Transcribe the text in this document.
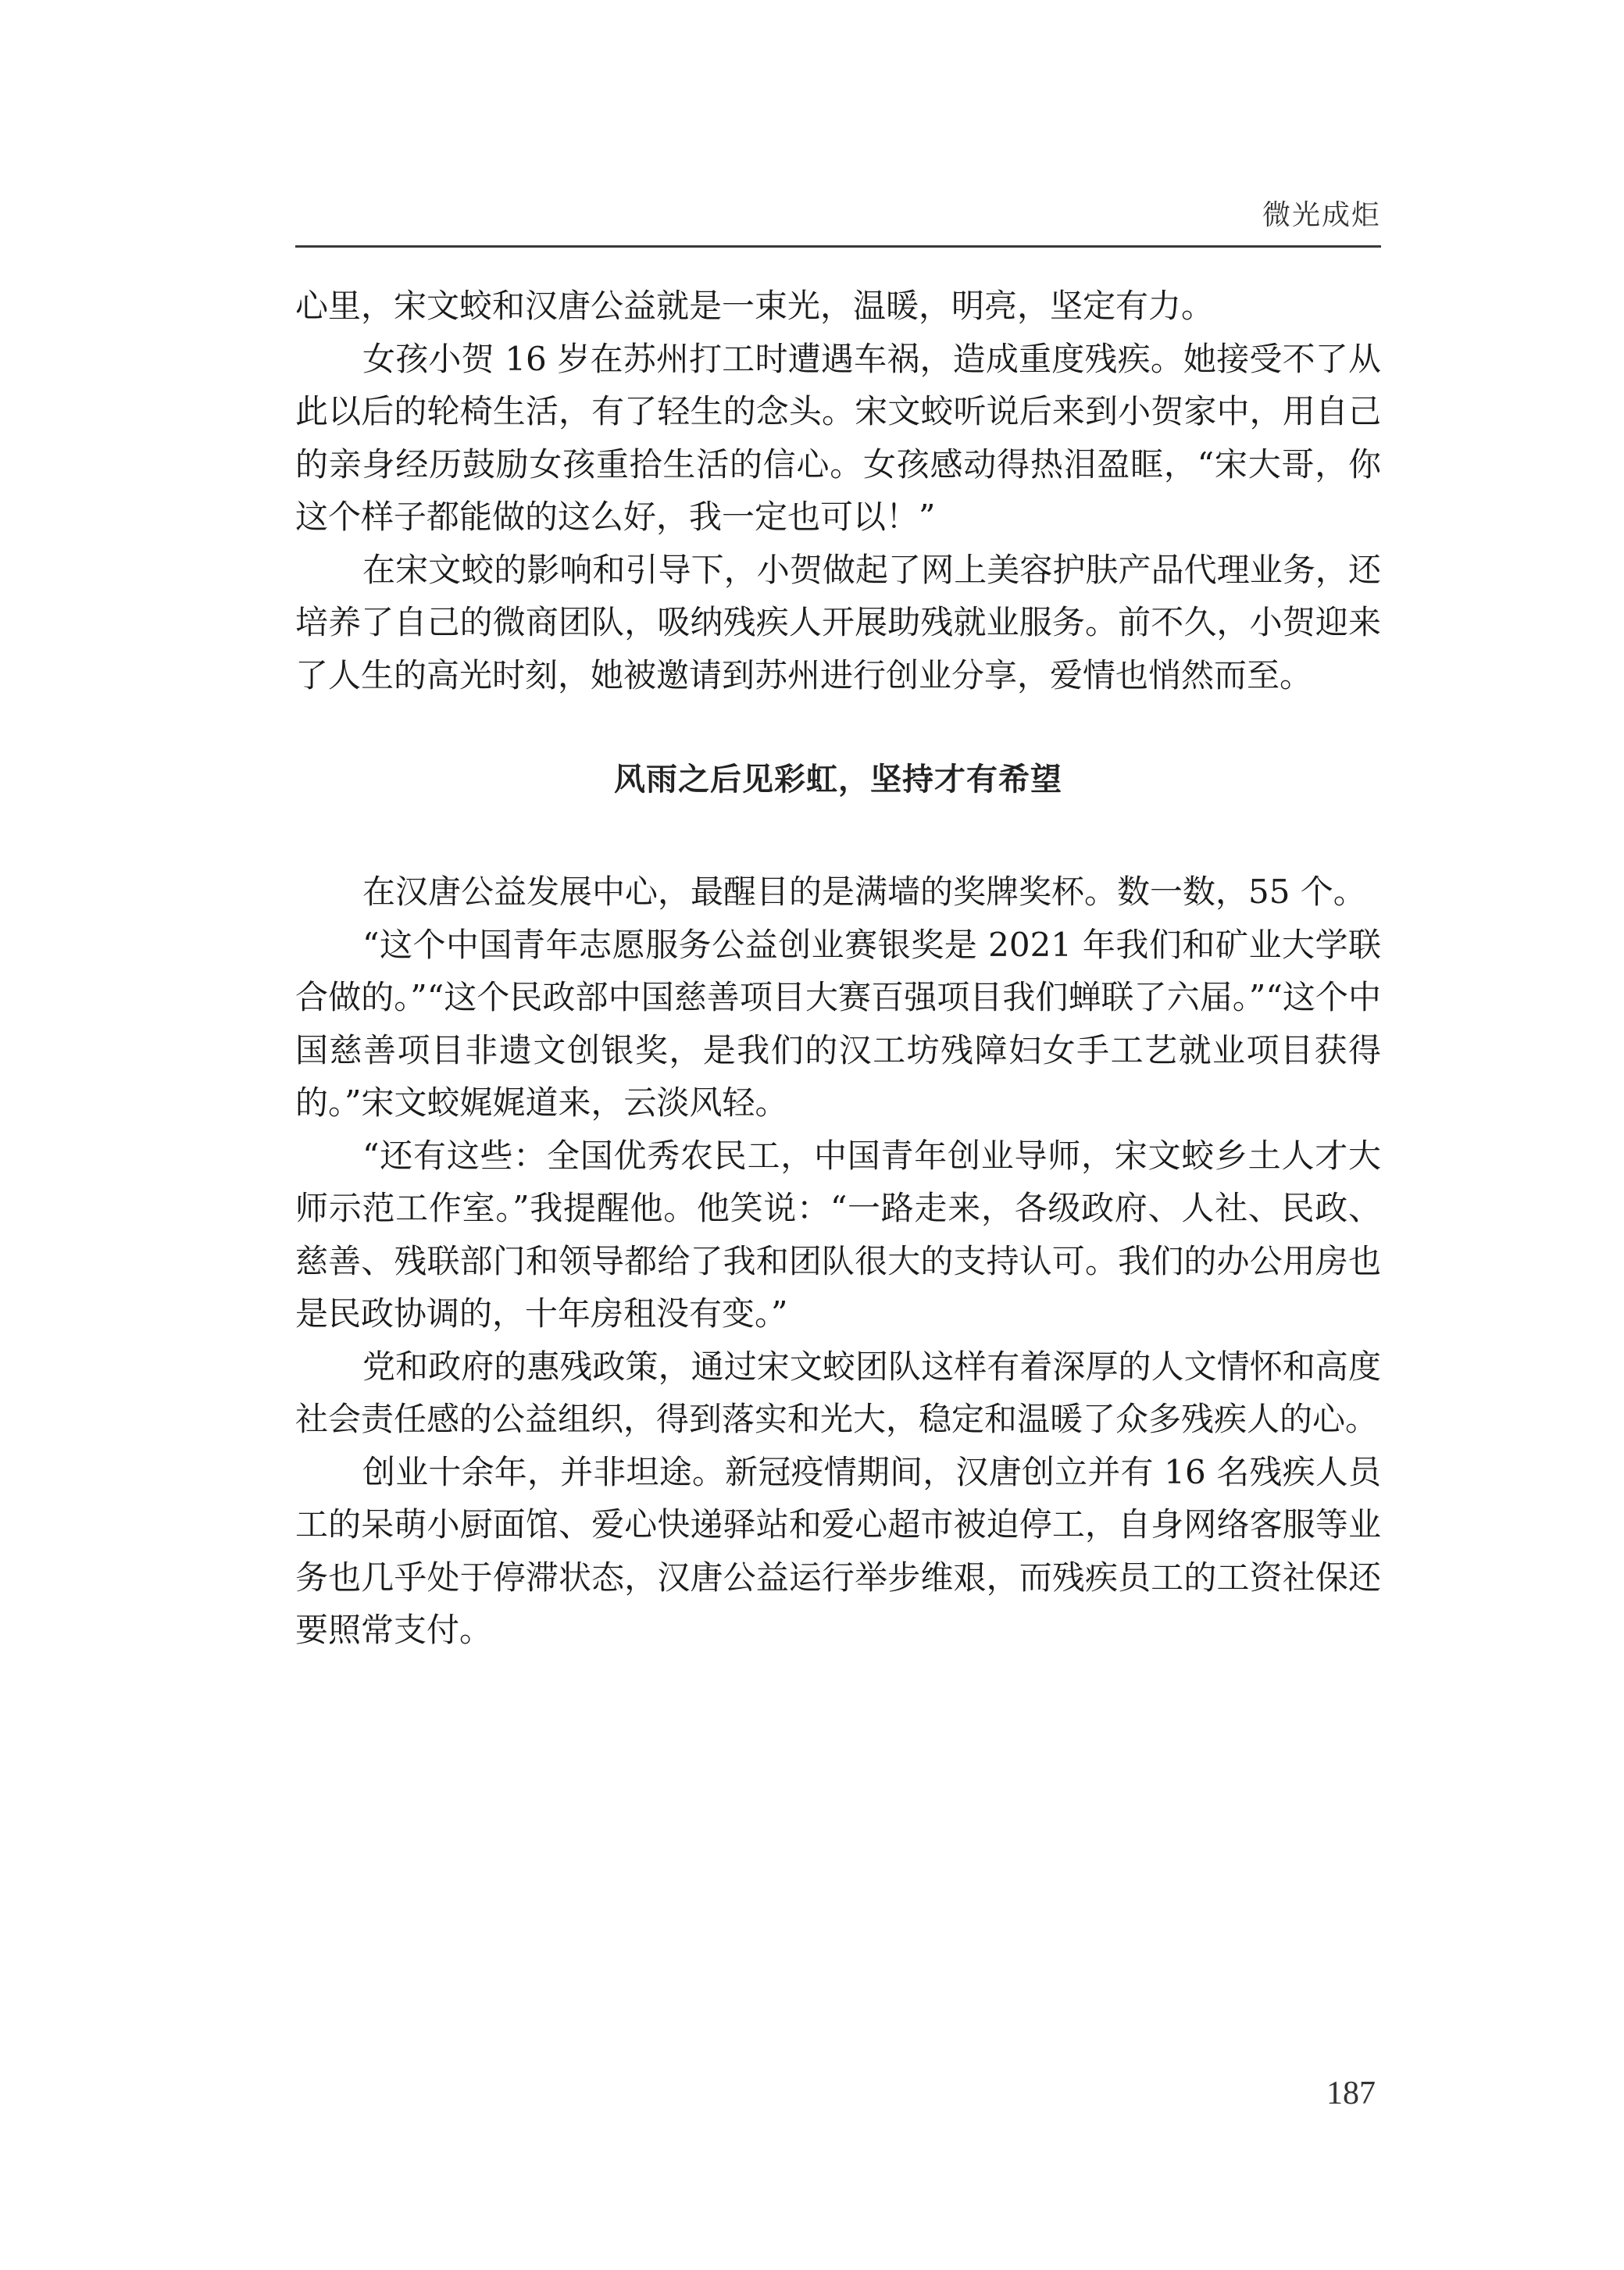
微光成炬

心里，宋文蛟和汉唐公益就是一束光，温暖，明亮，坚定有力。

女孩小贺 16 岁在苏州打工时遭遇车祸，造成重度残疾。她接受不了从此以后的轮椅生活，有了轻生的念头。宋文蛟听说后来到小贺家中，用自己的亲身经历鼓励女孩重拾生活的信心。女孩感动得热泪盈眶，“宋大哥，你这个样子都能做的这么好，我一定也可以！”

在宋文蛟的影响和引导下，小贺做起了网上美容护肤产品代理业务，还培养了自己的微商团队，吸纳残疾人开展助残就业服务。前不久，小贺迎来了人生的高光时刻，她被邀请到苏州进行创业分享，爱情也悄然而至。

风雨之后见彩虹，坚持才有希望

在汉唐公益发展中心，最醒目的是满墙的奖牌奖杯。数一数，55 个。

“这个中国青年志愿服务公益创业赛银奖是 2021 年我们和矿业大学联合做的。”“这个民政部中国慈善项目大赛百强项目我们蝉联了六届。”“这个中国慈善项目非遗文创银奖，是我们的汉工坊残障妇女手工艺就业项目获得的。”宋文蛟娓娓道来，云淡风轻。

“还有这些：全国优秀农民工，中国青年创业导师，宋文蛟乡土人才大师示范工作室。”我提醒他。他笑说：“一路走来，各级政府、人社、民政、慈善、残联部门和领导都给了我和团队很大的支持认可。我们的办公用房也是民政协调的，十年房租没有变。”

党和政府的惠残政策，通过宋文蛟团队这样有着深厚的人文情怀和高度社会责任感的公益组织，得到落实和光大，稳定和温暖了众多残疾人的心。

创业十余年，并非坦途。新冠疫情期间，汉唐创立并有 16 名残疾人员工的呆萌小厨面馆、爱心快递驿站和爱心超市被迫停工，自身网络客服等业务也几乎处于停滞状态，汉唐公益运行举步维艰，而残疾员工的工资社保还要照常支付。

187
